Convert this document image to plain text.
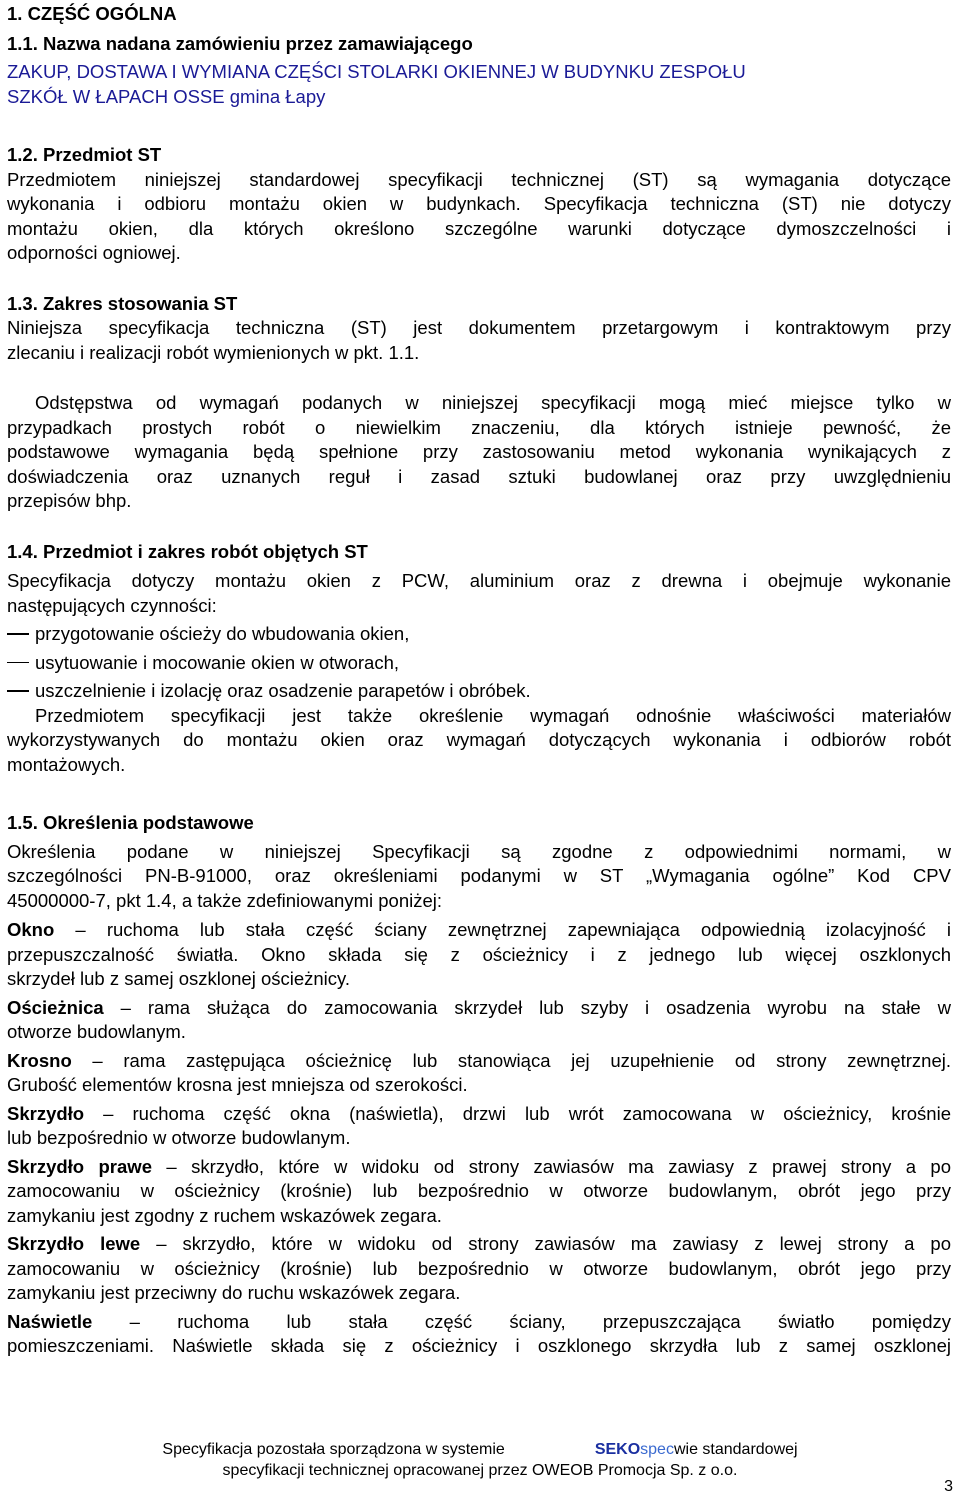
1. CZĘŚĆ OGÓLNA

1.1. Nazwa nadana zamówieniu przez zamawiającego

ZAKUP, DOSTAWA I WYMIANA CZĘŚCI STOLARKI OKIENNEJ W BUDYNKU ZESPOŁU

SZKÓŁ W ŁAPACH OSSE gmina Łapy

1.2. Przedmiot ST

Przedmiotem niniejszej standardowej specyfikacji technicznej (ST) są wymagania dotyczące

wykonania i odbioru montażu okien w budynkach. Specyfikacja techniczna (ST) nie dotyczy

montażu okien, dla których określono szczególne warunki dotyczące dymoszczelności i

odporności ogniowej.

1.3. Zakres stosowania ST

Niniejsza specyfikacja techniczna (ST) jest dokumentem przetargowym i kontraktowym przy

zlecaniu i realizacji robót wymienionych w pkt. 1.1.

Odstępstwa od wymagań podanych w niniejszej specyfikacji mogą mieć miejsce tylko w

przypadkach prostych robót o niewielkim znaczeniu, dla których istnieje pewność, że

podstawowe wymagania będą spełnione przy zastosowaniu metod wykonania wynikających z

doświadczenia oraz uznanych reguł i zasad sztuki budowlanej oraz przy uwzględnieniu

przepisów bhp.

1.4. Przedmiot i zakres robót objętych ST

Specyfikacja dotyczy montażu okien z PCW, aluminium oraz z drewna i obejmuje wykonanie

następujących czynności:

przygotowanie ościeży do wbudowania okien,

usytuowanie i mocowanie okien w otworach,

uszczelnienie i izolację oraz osadzenie parapetów i obróbek.

Przedmiotem specyfikacji jest także określenie wymagań odnośnie właściwości materiałów

wykorzystywanych do montażu okien oraz wymagań dotyczących wykonania i odbiorów robót

montażowych.

1.5. Określenia podstawowe

Określenia podane w niniejszej Specyfikacji są zgodne z odpowiednimi normami, w

szczególności PN-B-91000, oraz określeniami podanymi w ST „Wymagania ogólne” Kod CPV

45000000-7, pkt 1.4, a także zdefiniowanymi poniżej:

Okno – ruchoma lub stała część ściany zewnętrznej zapewniająca odpowiednią izolacyjność i

przepuszczalność światła. Okno składa się z ościeżnicy i z jednego lub więcej oszklonych

skrzydeł lub z samej oszklonej ościeżnicy.

Ościeżnica – rama służąca do zamocowania skrzydeł lub szyby i osadzenia wyrobu na stałe w

otworze budowlanym.

Krosno – rama zastępująca ościeżnicę lub stanowiąca jej uzupełnienie od strony zewnętrznej.

Grubość elementów krosna jest mniejsza od szerokości.

Skrzydło – ruchoma część okna (naświetla), drzwi lub wrót zamocowana w ościeżnicy, krośnie

lub bezpośrednio w otworze budowlanym.

Skrzydło prawe – skrzydło, które w widoku od strony zawiasów ma zawiasy z prawej strony a po

zamocowaniu w ościeżnicy (krośnie) lub bezpośrednio w otworze budowlanym, obrót jego przy

zamykaniu jest zgodny z ruchem wskazówek zegara.

Skrzydło lewe – skrzydło, które w widoku od strony zawiasów ma zawiasy z lewej strony a po

zamocowaniu w ościeżnicy (krośnie) lub bezpośrednio w otworze budowlanym, obrót jego przy

zamykaniu jest przeciwny do ruchu wskazówek zegara.

Naświetle – ruchoma lub stała część ściany, przepuszczająca światło pomiędzy

pomieszczeniami. Naświetle składa się z ościeżnicy i oszklonego skrzydła lub z samej oszklonej

Specyfikacja pozostała sporządzona w systemie	SEKOspecwie standardowej
specyfikacji technicznej opracowanej przez OWEOB Promocja Sp. z o.o.
3
